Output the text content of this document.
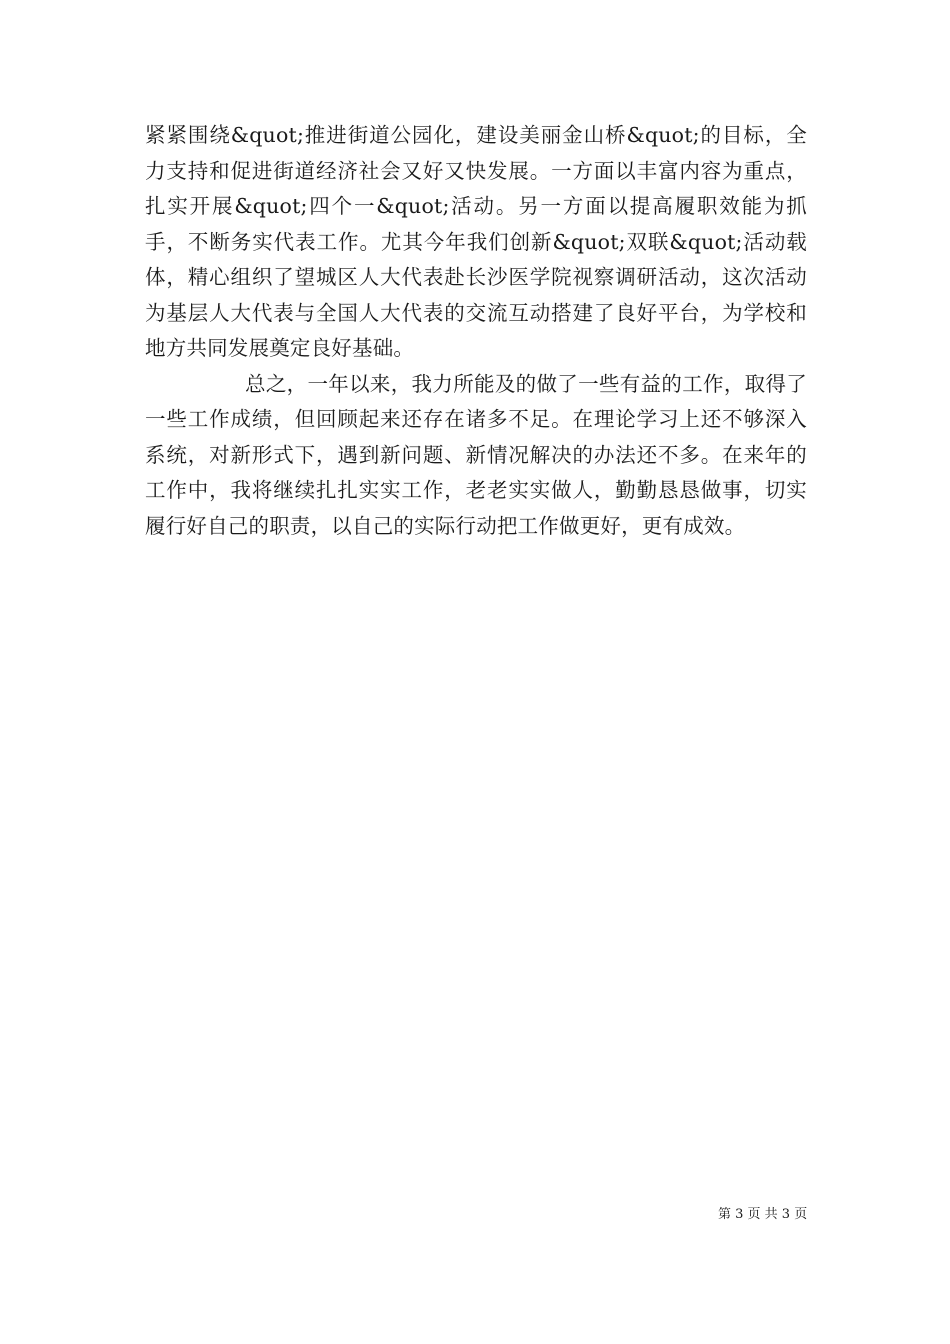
紧紧围绕&quot;推进街道公园化，建设美丽金山桥&quot;的目标，全力支持和促进街道经济社会又好又快发展。一方面以丰富内容为重点，扎实开展&quot;四个一&quot;活动。另一方面以提高履职效能为抓手，不断务实代表工作。尤其今年我们创新&quot;双联&quot;活动载体，精心组织了望城区人大代表赴长沙医学院视察调研活动，这次活动为基层人大代表与全国人大代表的交流互动搭建了良好平台，为学校和地方共同发展奠定良好基础。

总之，一年以来，我力所能及的做了一些有益的工作，取得了一些工作成绩，但回顾起来还存在诸多不足。在理论学习上还不够深入系统，对新形式下，遇到新问题、新情况解决的办法还不多。在来年的工作中，我将继续扎扎实实工作，老老实实做人，勤勤恳恳做事，切实履行好自己的职责，以自己的实际行动把工作做更好，更有成效。

第 3 页 共 3 页
